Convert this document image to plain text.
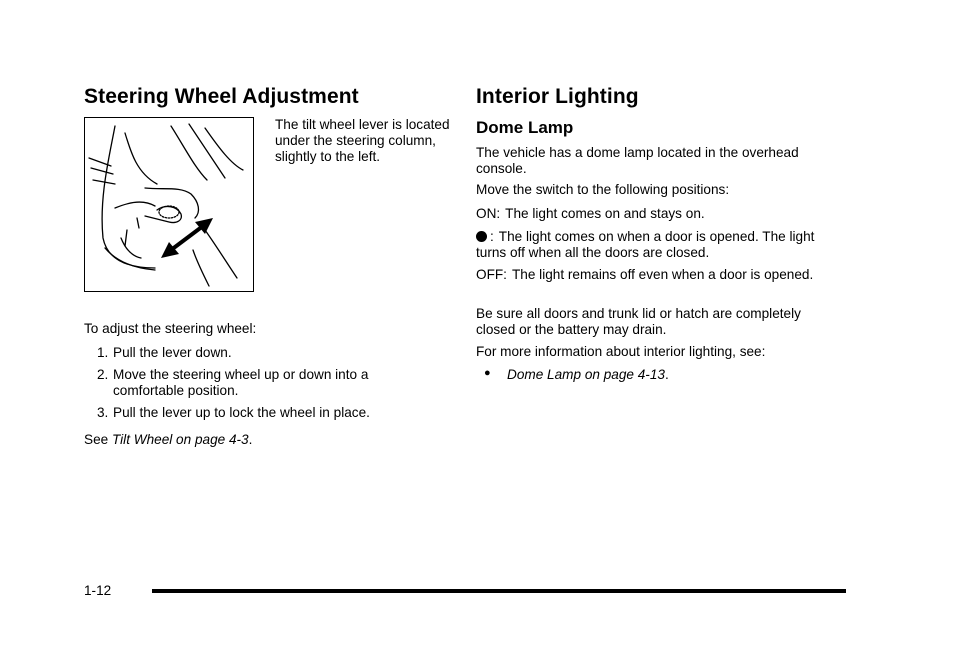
Steering Wheel Adjustment

The tilt wheel lever is located under the steering column, slightly to the left.

To adjust the steering wheel:

1. Pull the lever down.
2. Move the steering wheel up or down into a comfortable position.
3. Pull the lever up to lock the wheel in place.

See Tilt Wheel on page 4-3.

Interior Lighting
Dome Lamp

The vehicle has a dome lamp located in the overhead console.

Move the switch to the following positions:

ON: The light comes on and stays on.

: The light comes on when a door is opened. The light turns off when all the doors are closed.

OFF: The light remains off even when a door is opened.

Be sure all doors and trunk lid or hatch are completely closed or the battery may drain.

For more information about interior lighting, see:

● Dome Lamp on page 4-13.
1-12
